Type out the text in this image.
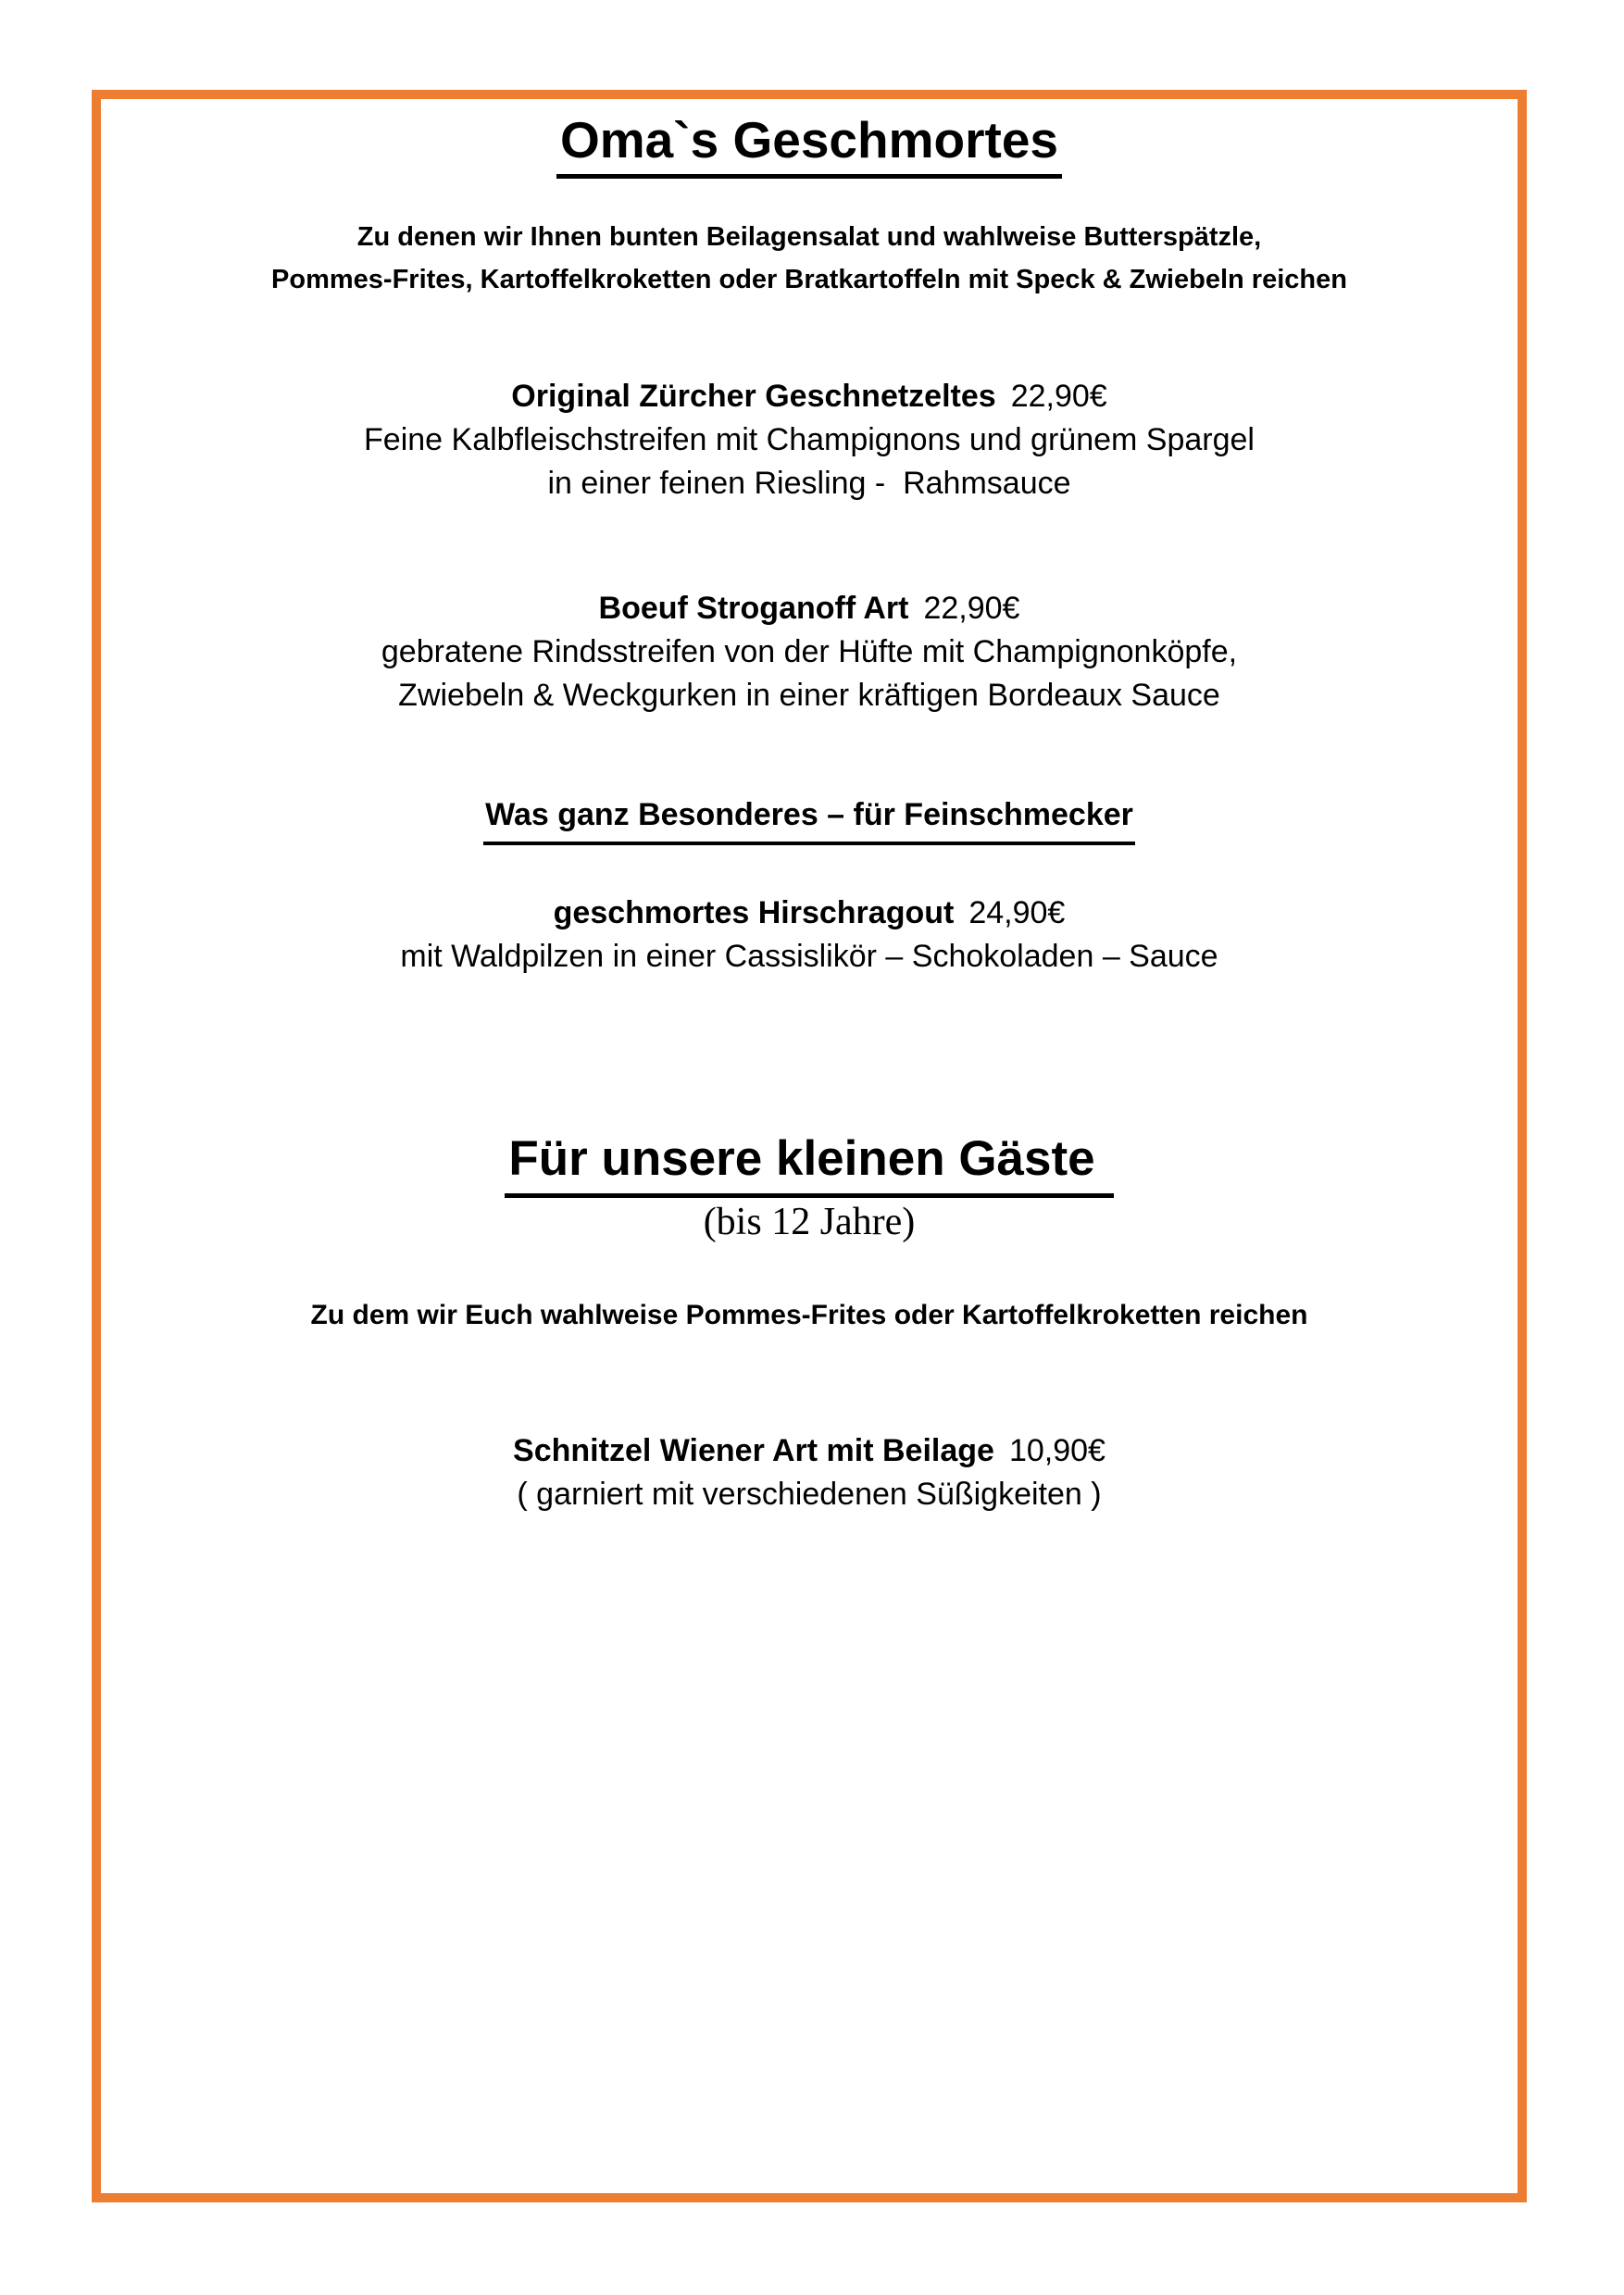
Oma`s Geschmortes
Zu denen wir Ihnen bunten Beilagensalat und wahlweise Butterspätzle,
Pommes-Frites, Kartoffelkroketten oder Bratkartoffeln mit Speck & Zwiebeln reichen
Original Zürcher Geschnetzeltes 22,90€
Feine Kalbfleischstreifen mit Champignons und grünem Spargel
in einer feinen Riesling -  Rahmsauce
Boeuf Stroganoff Art 22,90€
gebratene Rindsstreifen von der Hüfte mit Champignonköpfe,
Zwiebeln & Weckgurken in einer kräftigen Bordeaux Sauce
Was ganz Besonderes – für Feinschmecker
geschmortes Hirschragout 24,90€
mit Waldpilzen in einer Cassislikör – Schokoladen – Sauce
Für unsere kleinen Gäste
(bis 12 Jahre)
Zu dem wir Euch wahlweise Pommes-Frites oder Kartoffelkroketten reichen
Schnitzel Wiener Art mit Beilage 10,90€
( garniert mit verschiedenen Süßigkeiten )
